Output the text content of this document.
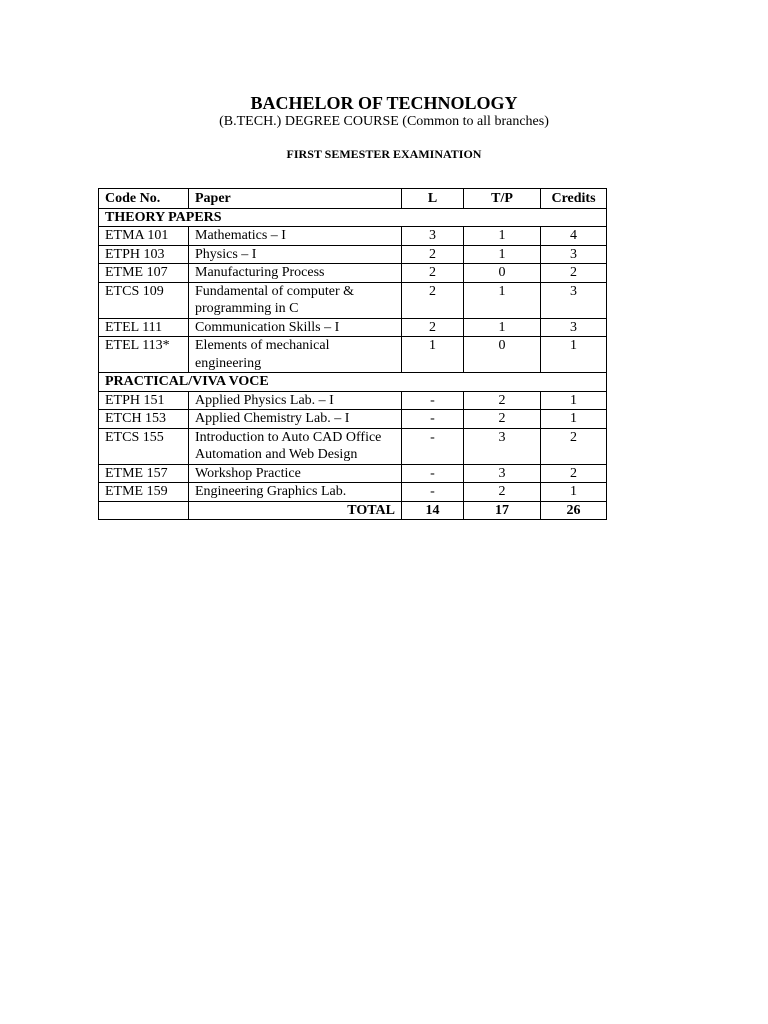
BACHELOR OF TECHNOLOGY
(B.TECH.) DEGREE COURSE (Common to all branches)
FIRST SEMESTER EXAMINATION
Code No.	Paper	L	T/P	Credits
THEORY PAPERS				
ETMA 101	Mathematics – I	3	1	4
ETPH 103	Physics – I	2	1	3
ETME 107	Manufacturing Process	2	0	2
ETCS 109	Fundamental of computer & programming in C	2	1	3
ETEL 111	Communication Skills – I	2	1	3
ETEL 113*	Elements of mechanical engineering	1	0	1
PRACTICAL/VIVA VOCE				
ETPH 151	Applied Physics Lab. – I	-	2	1
ETCH 153	Applied Chemistry Lab. – I	-	2	1
ETCS 155	Introduction to Auto CAD Office Automation and Web Design	-	3	2
ETME 157	Workshop Practice	-	3	2
ETME 159	Engineering Graphics Lab.	-	2	1
	TOTAL	14	17	26
